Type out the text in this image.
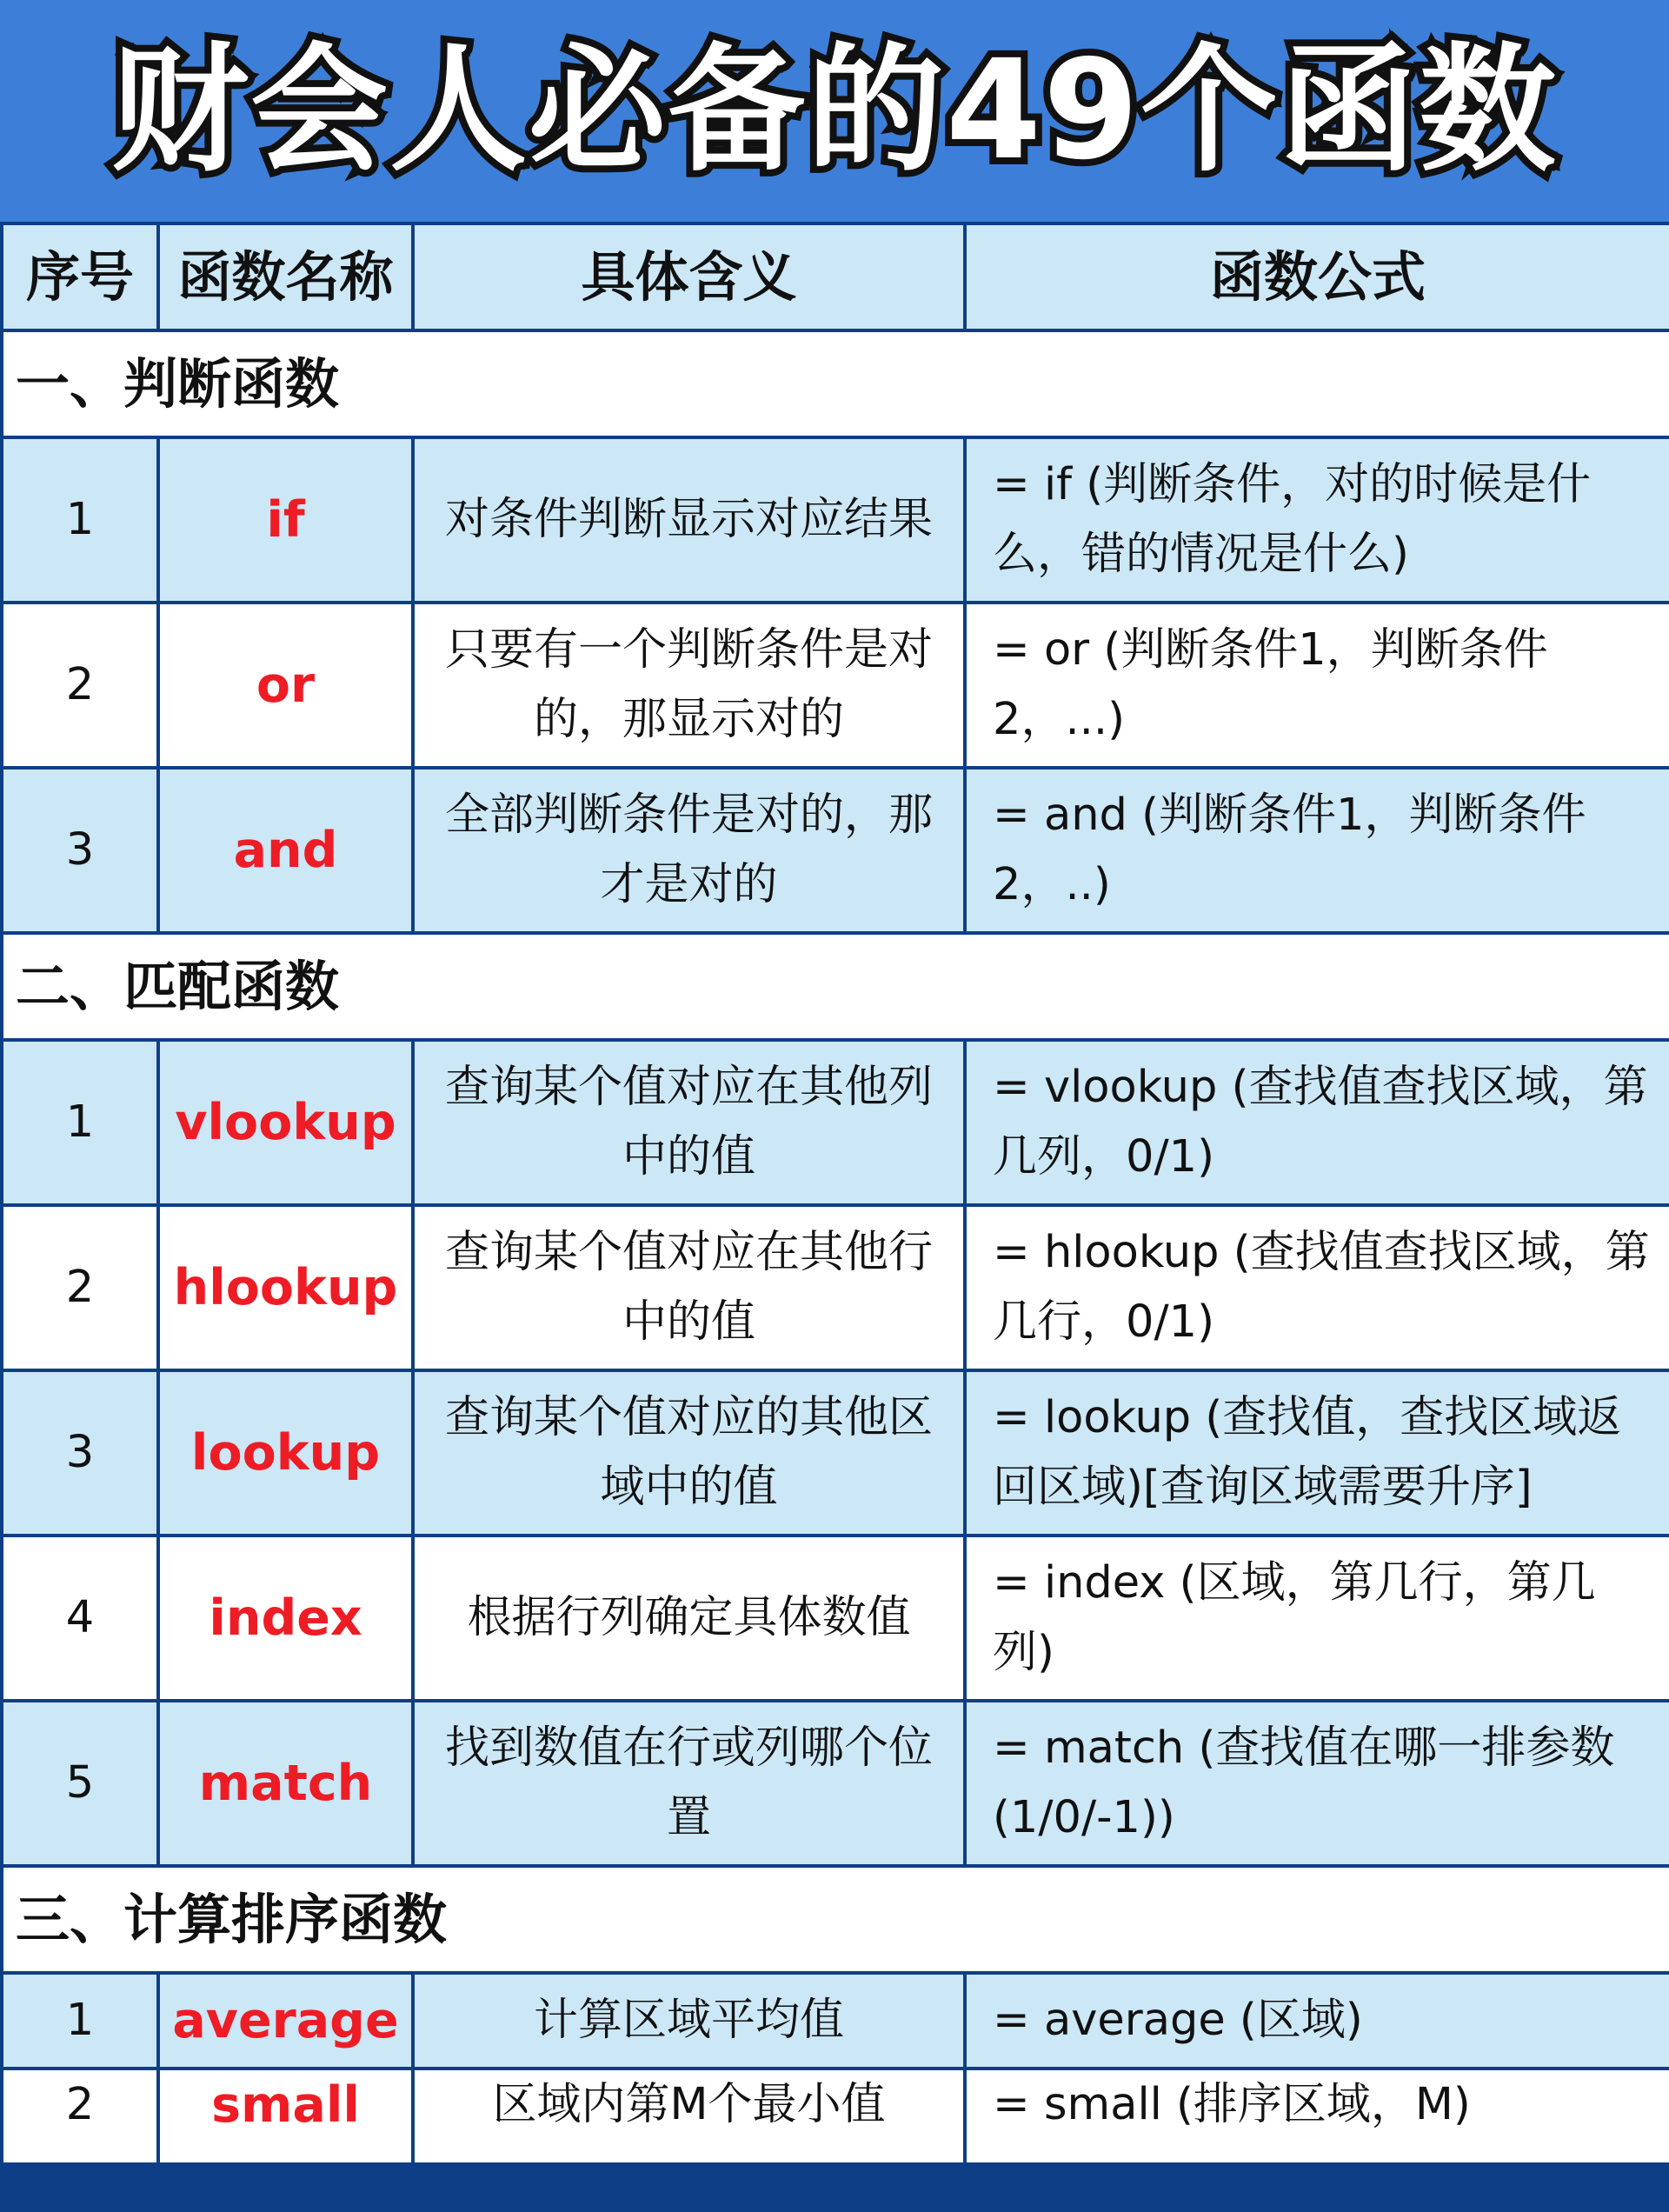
财会人必备的49个函数
序号	函数名称	具体含义	函数公式
一、判断函数			
1	if	对条件判断显示对应结果	= if (判断条件，对的时候是什么，错的情况是什么)
2	or	只要有一个判断条件是对的，那显示对的	= or (判断条件1，判断条件2，...)
3	and	全部判断条件是对的，那才是对的	= and (判断条件1，判断条件2，..)
二、匹配函数			
1	vlookup	查询某个值对应在其他列中的值	= vlookup (查找值查找区域，第几列，0/1)
2	hlookup	查询某个值对应在其他行中的值	= hlookup (查找值查找区域，第几行，0/1)
3	lookup	查询某个值对应的其他区域中的值	= lookup (查找值，查找区域返回区域)[查询区域需要升序]
4	index	根据行列确定具体数值	= index (区域，第几行，第几列)
5	match	找到数值在行或列哪个位置	= match (查找值在哪一排参数(1/0/-1))
三、计算排序函数			
1	average	计算区域平均值	= average (区域)
2	small	区域内第M个最小值	= small (排序区域，M)
